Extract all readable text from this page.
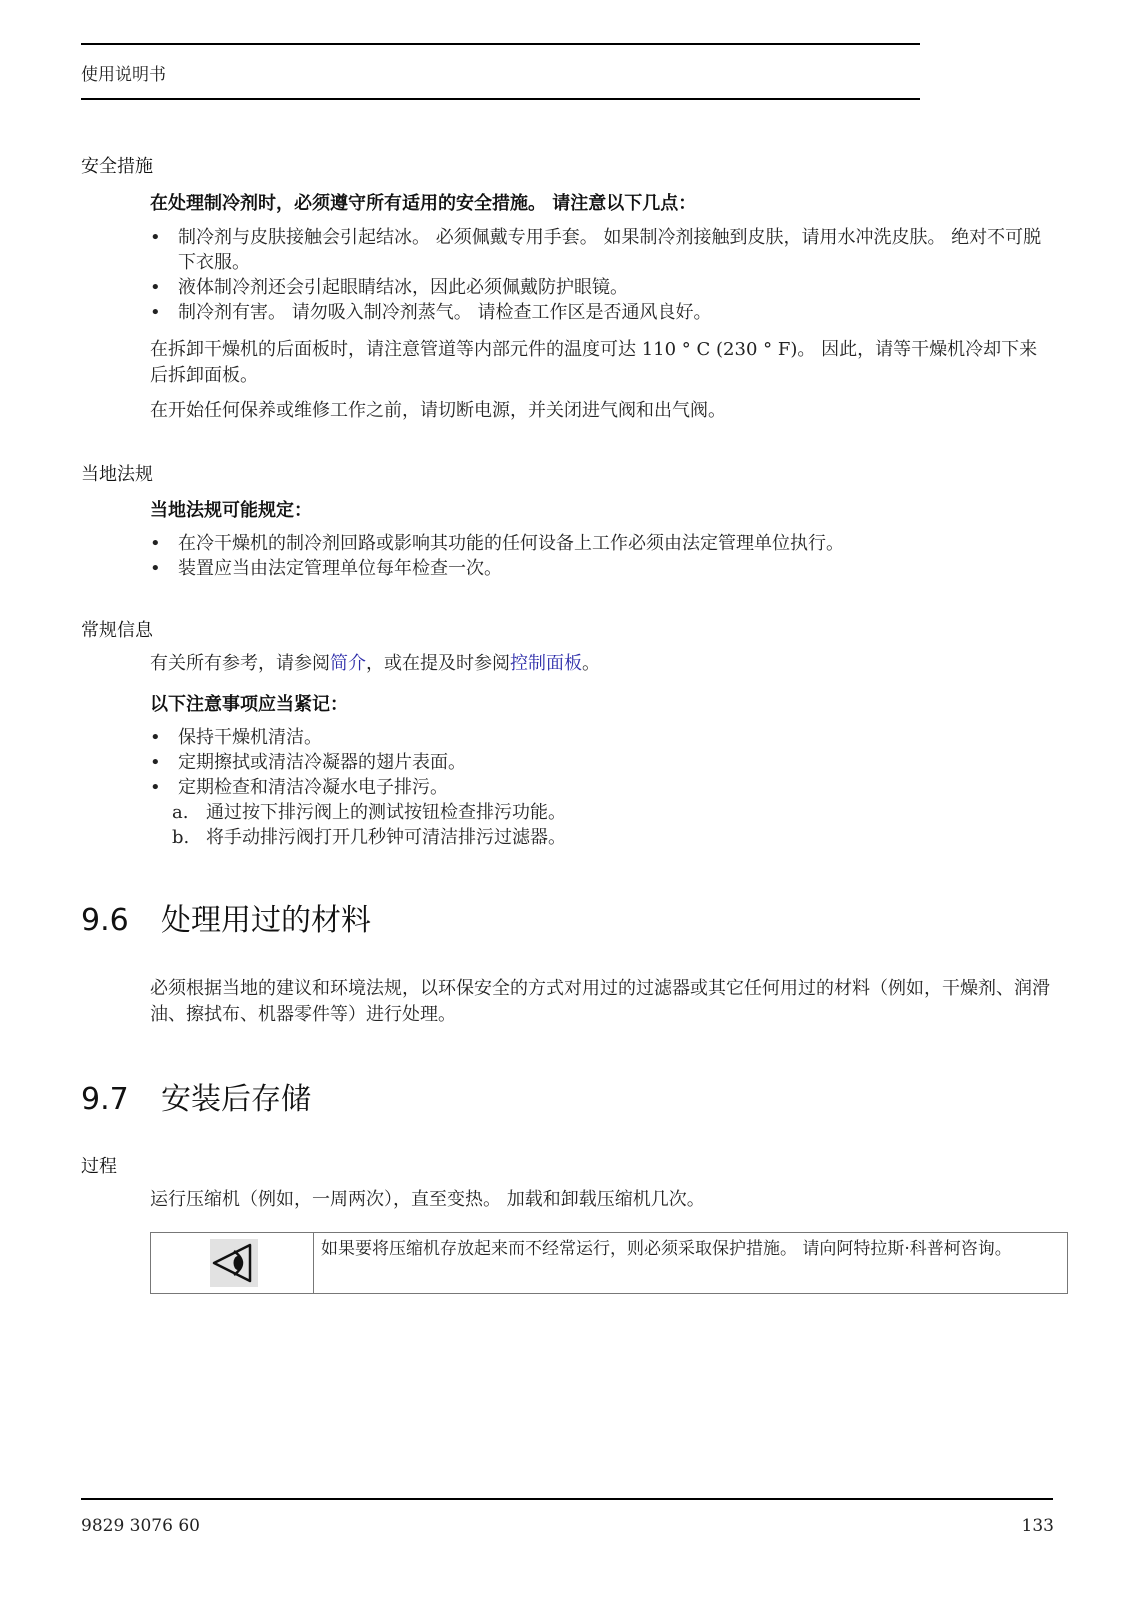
使用说明书
安全措施
在处理制冷剂时，必须遵守所有适用的安全措施。 请注意以下几点：
• 制冷剂与皮肤接触会引起结冰。 必须佩戴专用手套。 如果制冷剂接触到皮肤，请用水冲洗皮肤。 绝对不可脱下衣服。
• 液体制冷剂还会引起眼睛结冰，因此必须佩戴防护眼镜。
• 制冷剂有害。 请勿吸入制冷剂蒸气。 请检查工作区是否通风良好。
在拆卸干燥机的后面板时，请注意管道等内部元件的温度可达 110 ° C (230 ° F)。 因此，请等干燥机冷却下来后拆卸面板。
在开始任何保养或维修工作之前，请切断电源，并关闭进气阀和出气阀。
当地法规
当地法规可能规定：
• 在冷干燥机的制冷剂回路或影响其功能的任何设备上工作必须由法定管理单位执行。
• 装置应当由法定管理单位每年检查一次。
常规信息
有关所有参考，请参阅简介，或在提及时参阅控制面板。
以下注意事项应当紧记：
• 保持干燥机清洁。
• 定期擦拭或清洁冷凝器的翅片表面。
• 定期检查和清洁冷凝水电子排污。
a. 通过按下排污阀上的测试按钮检查排污功能。
b. 将手动排污阀打开几秒钟可清洁排污过滤器。
9.6 处理用过的材料
必须根据当地的建议和环境法规，以环保安全的方式对用过的过滤器或其它任何用过的材料（例如，干燥剂、润滑油、擦拭布、机器零件等）进行处理。
9.7 安装后存储
过程
运行压缩机（例如，一周两次），直至变热。 加载和卸载压缩机几次。
如果要将压缩机存放起来而不经常运行，则必须采取保护措施。 请向阿特拉斯·科普柯咨询。
9829 3076 60	133
